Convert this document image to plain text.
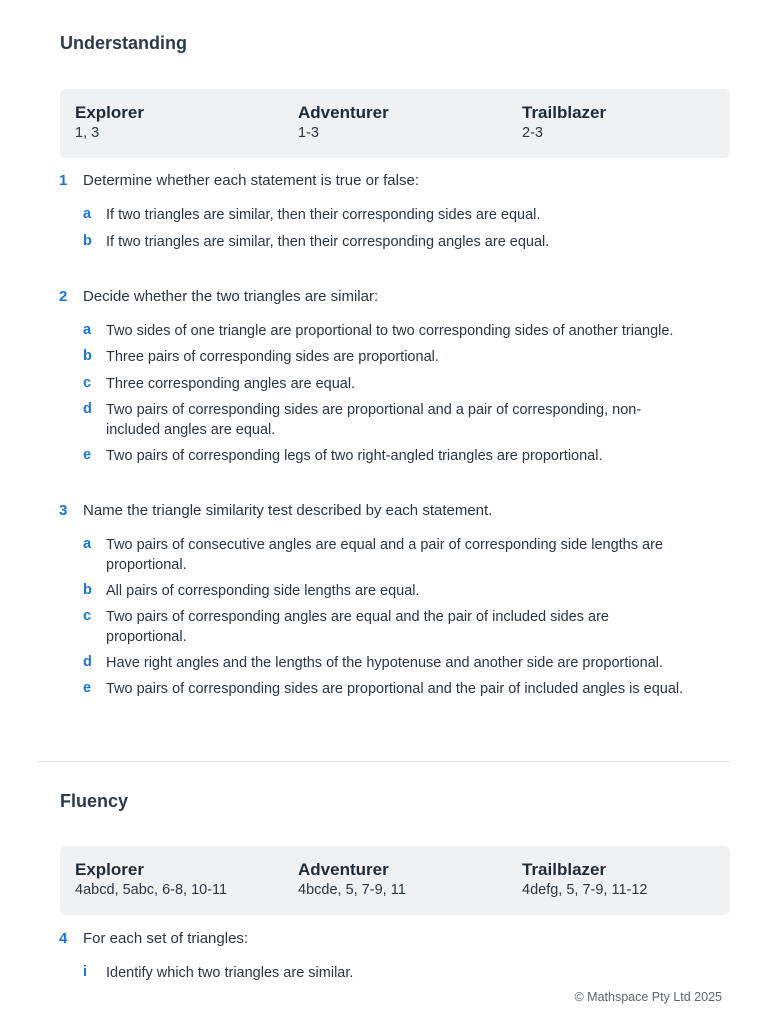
Understanding
Explorer
1, 3
Adventurer
1-3
Trailblazer
2-3
1 Determine whether each statement is true or false:
a If two triangles are similar, then their corresponding sides are equal.
b If two triangles are similar, then their corresponding angles are equal.
2 Decide whether the two triangles are similar:
a Two sides of one triangle are proportional to two corresponding sides of another triangle.
b Three pairs of corresponding sides are proportional.
c Three corresponding angles are equal.
d Two pairs of corresponding sides are proportional and a pair of corresponding, non-included angles are equal.
e Two pairs of corresponding legs of two right-angled triangles are proportional.
3 Name the triangle similarity test described by each statement.
a Two pairs of consecutive angles are equal and a pair of corresponding side lengths are proportional.
b All pairs of corresponding side lengths are equal.
c Two pairs of corresponding angles are equal and the pair of included sides are proportional.
d Have right angles and the lengths of the hypotenuse and another side are proportional.
e Two pairs of corresponding sides are proportional and the pair of included angles is equal.
Fluency
Explorer
4abcd, 5abc, 6-8, 10-11
Adventurer
4bcde, 5, 7-9, 11
Trailblazer
4defg, 5, 7-9, 11-12
4 For each set of triangles:
i Identify which two triangles are similar.
© Mathspace Pty Ltd 2025
